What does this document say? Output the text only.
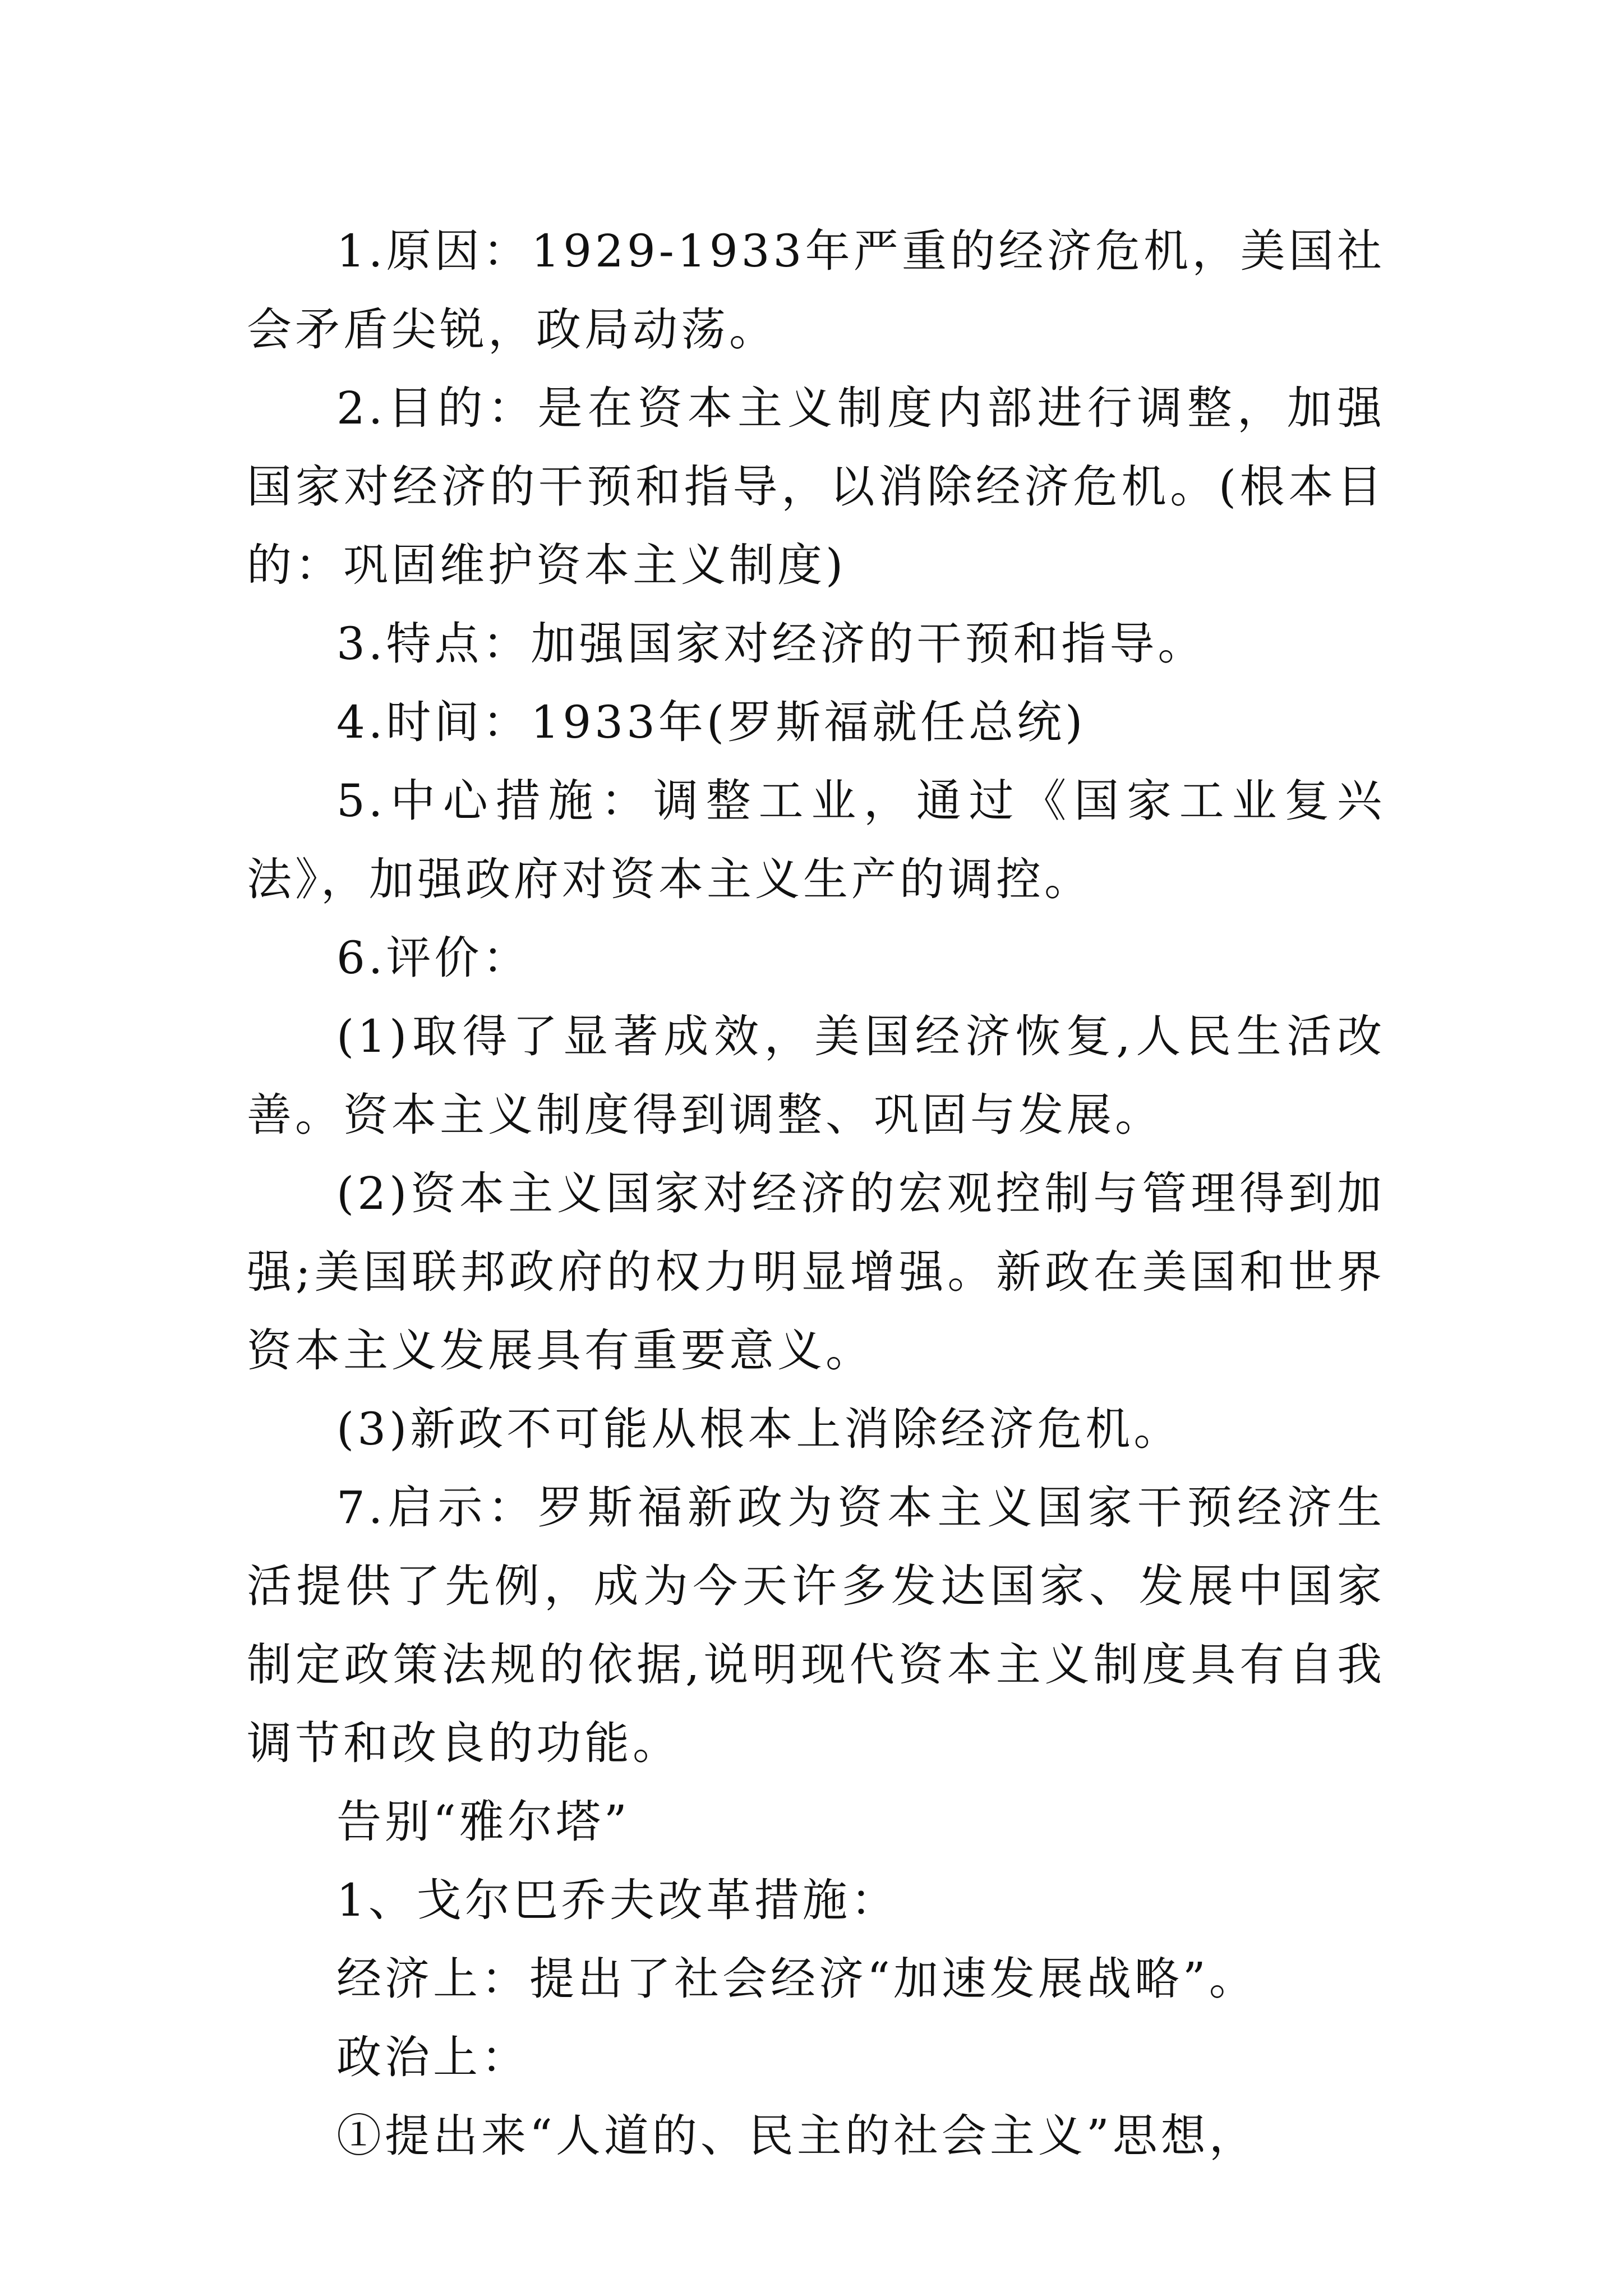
1.原因：1929-1933年严重的经济危机，美国社会矛盾尖锐，政局动荡。

2.目的：是在资本主义制度内部进行调整，加强国家对经济的干预和指导，以消除经济危机。(根本目的：巩固维护资本主义制度)

3.特点：加强国家对经济的干预和指导。

4.时间：1933年(罗斯福就任总统)

5.中心措施：调整工业，通过《国家工业复兴法》，加强政府对资本主义生产的调控。

6.评价：

(1)取得了显著成效，美国经济恢复,人民生活改善。资本主义制度得到调整、巩固与发展。

(2)资本主义国家对经济的宏观控制与管理得到加强;美国联邦政府的权力明显增强。新政在美国和世界资本主义发展具有重要意义。

(3)新政不可能从根本上消除经济危机。

7.启示：罗斯福新政为资本主义国家干预经济生活提供了先例，成为今天许多发达国家、发展中国家制定政策法规的依据,说明现代资本主义制度具有自我调节和改良的功能。

告别“雅尔塔”

1、戈尔巴乔夫改革措施：

经济上：提出了社会经济“加速发展战略”。

政治上：

①提出来“人道的、民主的社会主义”思想，
